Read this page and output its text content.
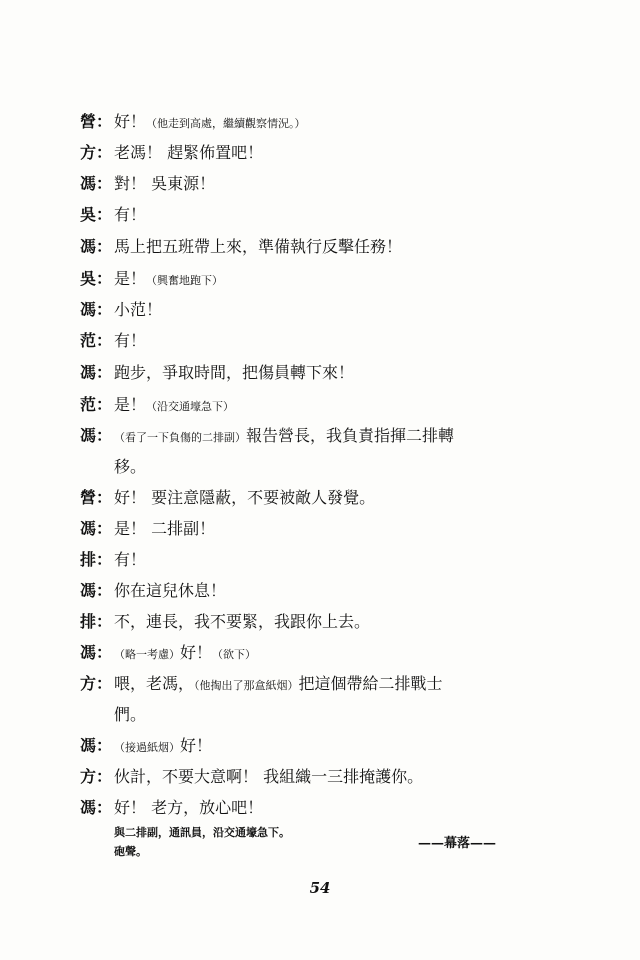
營： 好！（他走到高處，繼續觀察情況。）
方： 老馮！ 趕緊佈置吧！
馮： 對！ 吳東源！
吳： 有！
馮： 馬上把五班帶上來，準備執行反擊任務！
吳： 是！（興奮地跑下）
馮： 小范！
范： 有！
馮： 跑步，爭取時間，把傷員轉下來！
范： 是！（沿交通壕急下）
馮： （看了一下負傷的二排副）報告營長，我負責指揮二排轉
移。
營： 好！ 要注意隱蔽，不要被敵人發覺。
馮： 是！ 二排副！
排： 有！
馮： 你在這兒休息！
排： 不，連長，我不要緊，我跟你上去。
馮： （略一考慮）好！（欲下）
方： 喂，老馮，（他掏出了那盒紙烟）把這個帶給二排戰士
們。
馮： （接過紙烟）好！
方： 伙計，不要大意啊！ 我組織一三排掩護你。
馮： 好！ 老方，放心吧！
與二排副，通訊員，沿交通壕急下。
砲聲。
——幕落——
54
